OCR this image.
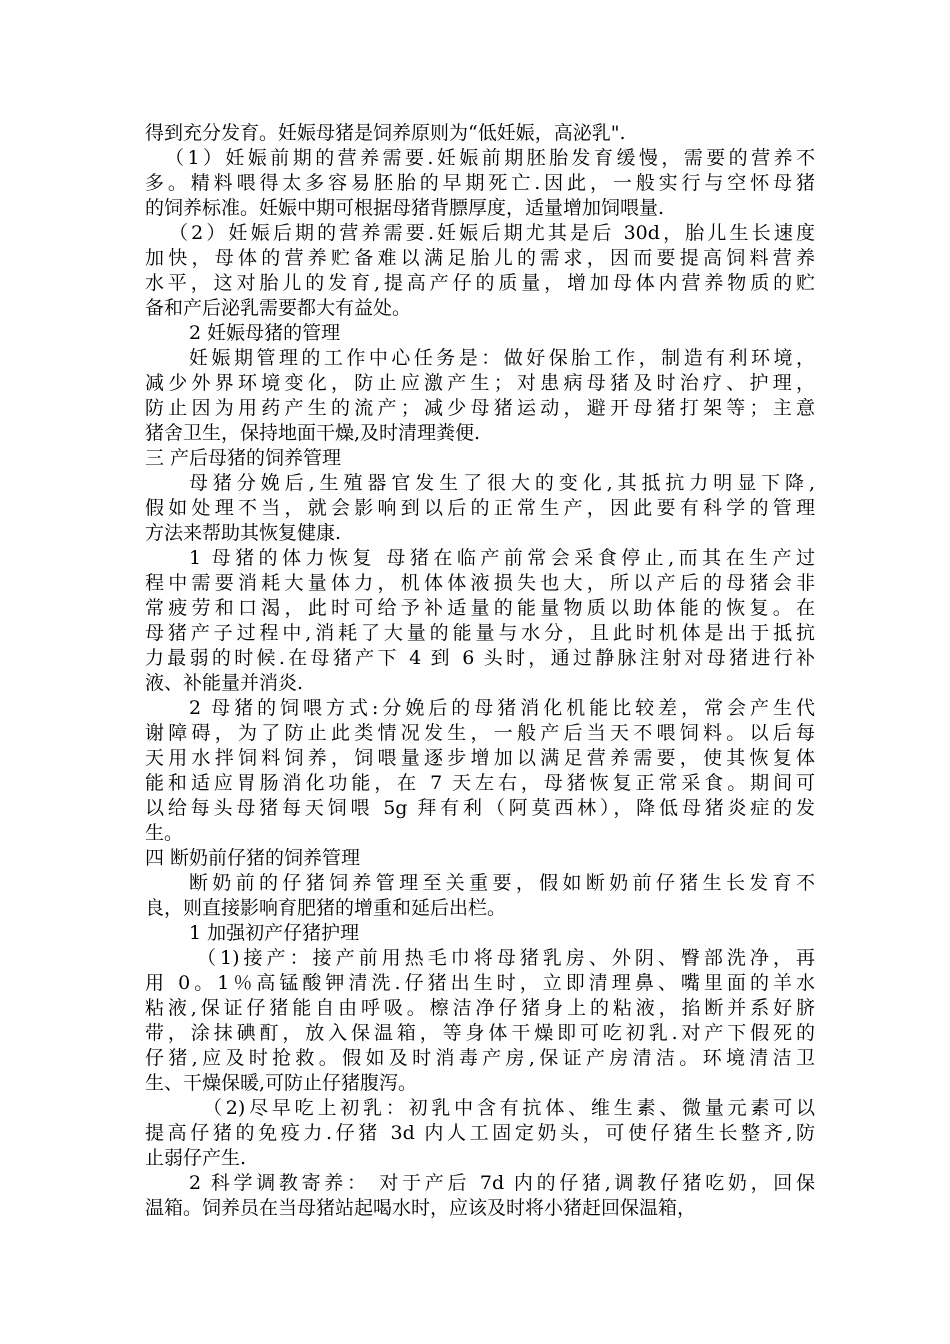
得到充分发育。妊娠母猪是饲养原则为“低妊娠，高泌乳".
（1）妊娠前期的营养需要.妊娠前期胚胎发育缓慢，需要的营养不
多。精料喂得太多容易胚胎的早期死亡.因此，一般实行与空怀母猪
的饲养标准。妊娠中期可根据母猪背膘厚度，适量增加饲喂量.
（2）妊娠后期的营养需要.妊娠后期尤其是后 30d，胎儿生长速度
加快，母体的营养贮备难以满足胎儿的需求，因而要提高饲料营养
水平，这对胎儿的发育,提高产仔的质量，增加母体内营养物质的贮
备和产后泌乳需要都大有益处。
2 妊娠母猪的管理
妊娠期管理的工作中心任务是：做好保胎工作，制造有利环境，
减少外界环境变化，防止应激产生；对患病母猪及时治疗、护理，
防止因为用药产生的流产；减少母猪运动，避开母猪打架等；主意
猪舍卫生，保持地面干燥,及时清理粪便.
三 产后母猪的饲养管理
母猪分娩后,生殖器官发生了很大的变化,其抵抗力明显下降,
假如处理不当，就会影响到以后的正常生产，因此要有科学的管理
方法来帮助其恢复健康.
1 母猪的体力恢复 母猪在临产前常会采食停止,而其在生产过
程中需要消耗大量体力，机体体液损失也大，所以产后的母猪会非
常疲劳和口渴，此时可给予补适量的能量物质以助体能的恢复。在
母猪产子过程中,消耗了大量的能量与水分，且此时机体是出于抵抗
力最弱的时候.在母猪产下 4 到 6 头时，通过静脉注射对母猪进行补
液、补能量并消炎.
2 母猪的饲喂方式:分娩后的母猪消化机能比较差，常会产生代
谢障碍，为了防止此类情况发生，一般产后当天不喂饲料。以后每
天用水拌饲料饲养，饲喂量逐步增加以满足营养需要，使其恢复体
能和适应胃肠消化功能，在 7 天左右，母猪恢复正常采食。期间可
以给每头母猪每天饲喂 5g 拜有利（阿莫西林），降低母猪炎症的发
生。
四 断奶前仔猪的饲养管理
断奶前的仔猪饲养管理至关重要，假如断奶前仔猪生长发育不
良，则直接影响育肥猪的增重和延后出栏。
1 加强初产仔猪护理
（1)接产：接产前用热毛巾将母猪乳房、外阴、臀部洗净，再
用 0。1％高锰酸钾清洗.仔猪出生时，立即清理鼻、嘴里面的羊水
粘液,保证仔猪能自由呼吸。檫洁净仔猪身上的粘液，掐断并系好脐
带，涂抹碘酊，放入保温箱，等身体干燥即可吃初乳.对产下假死的
仔猪,应及时抢救。假如及时消毒产房,保证产房清洁。环境清洁卫
生、干燥保暖,可防止仔猪腹泻。
（2)尽早吃上初乳：初乳中含有抗体、维生素、微量元素可以
提高仔猪的免疫力.仔猪 3d 内人工固定奶头，可使仔猪生长整齐,防
止弱仔产生.
2 科学调教寄养： 对于产后 7d 内的仔猪,调教仔猪吃奶，回保
温箱。饲养员在当母猪站起喝水时，应该及时将小猪赶回保温箱，
